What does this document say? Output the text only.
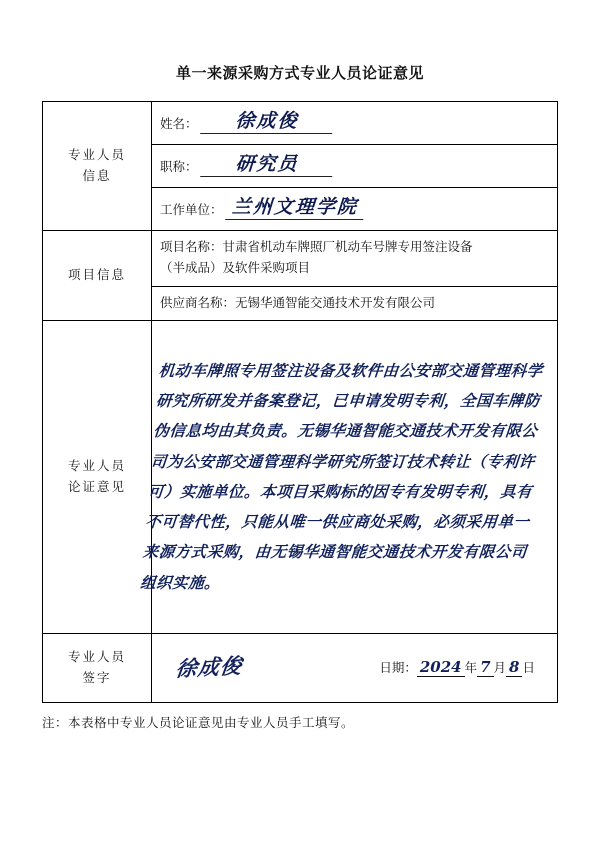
单一来源采购方式专业人员论证意见
专业人员
信息	姓名： 徐成俊
	职称： 研究员
	工作单位： 兰州文理学院

项目信息	项目名称：甘肃省机动车牌照厂机动车号牌专用签注设备
（半成品）及软件采购项目

	供应商名称：无锡华通智能交通技术开发有限公司

专业人员
论证意见	机动车牌照专用签注设备及软件由公安部交通管理科学研究所研发并备案登记，已申请发明专利，全国车牌防伪信息均由其负责。无锡华通智能交通技术开发有限公司为公安部交通管理科学研究所签订技术转让（专利许可）实施单位。本项目采购标的因专有发明专利，具有不可替代性，只能从唯一供应商处采购，必须采用单一来源方式采购，由无锡华通智能交通技术开发有限公司组织实施。

专业人员
签字	徐成俊 日期： 2024 年 7 月 8 日
注：本表格中专业人员论证意见由专业人员手工填写。
